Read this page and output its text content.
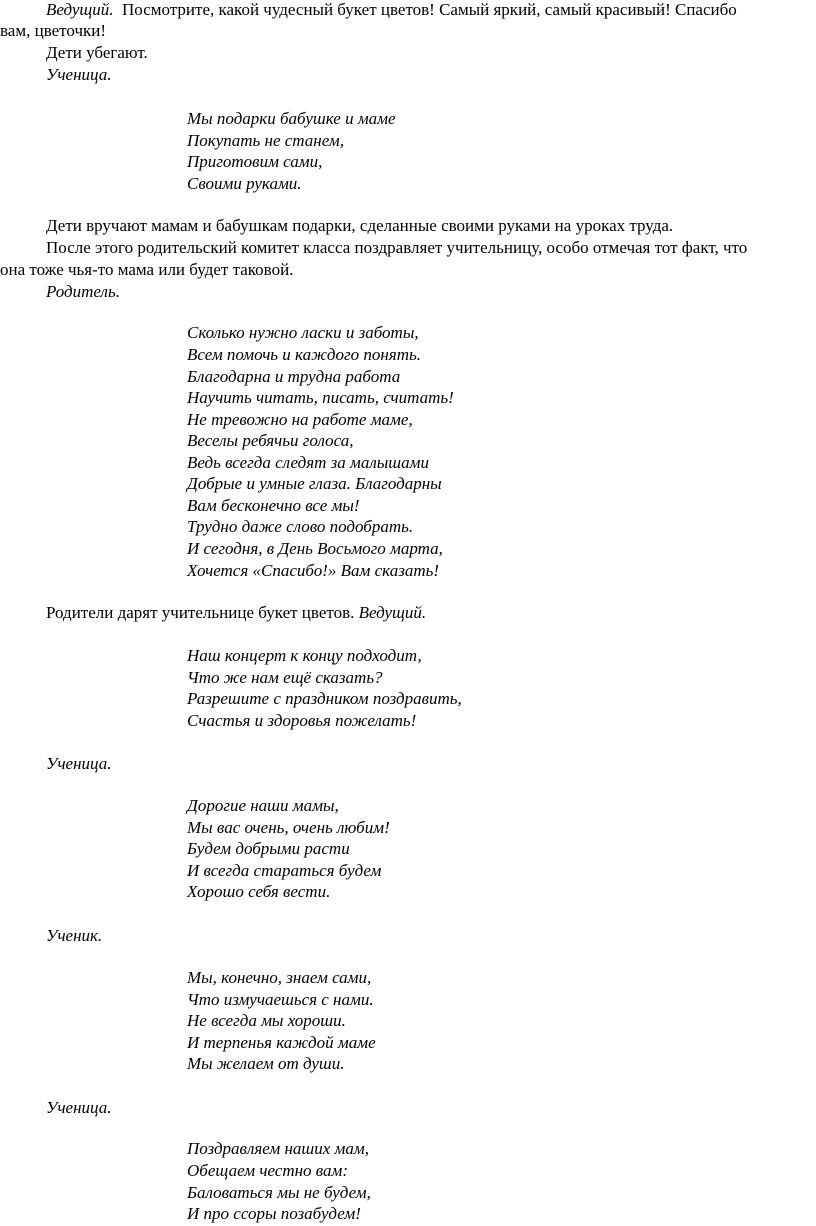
Ведущий. Посмотрите, какой чудесный букет цветов! Самый яркий, самый красивый! Спасибо
вам, цветочки!
Дети убегают.
Ученица.
Мы подарки бабушке и маме
Покупать не станем,
Приготовим сами,
Своими руками.
Дети вручают мамам и бабушкам подарки, сделанные своими руками на уроках труда.
После этого родительский комитет класса поздравляет учительницу, особо отмечая тот факт, что
она тоже чья-то мама или будет таковой.
Родитель.
Сколько нужно ласки и заботы,
Всем помочь и каждого понять.
Благодарна и трудна работа
Научить читать, писать, считать!
Не тревожно на работе маме,
Веселы ребячьи голоса,
Ведь всегда следят за малышами
Добрые и умные глаза. Благодарны
Вам бесконечно все мы!
Трудно даже слово подобрать.
И сегодня, в День Восьмого марта,
Хочется «Спасибо!» Вам сказать!
Родители дарят учительнице букет цветов. Ведущий.
Наш концерт к концу подходит,
Что же нам ещё сказать?
Разрешите с праздником поздравить,
Счастья и здоровья пожелать!
Ученица.
Дорогие наши мамы,
Мы вас очень, очень любим!
Будем добрыми расти
И всегда стараться будем
Хорошо себя вести.
Ученик.
Мы, конечно, знаем сами,
Что измучаешься с нами.
Не всегда мы хороши.
И терпенья каждой маме
Мы желаем от души.
Ученица.
Поздравляем наших мам,
Обещаем честно вам:
Баловаться мы не будем,
И про ссоры позабудем!
